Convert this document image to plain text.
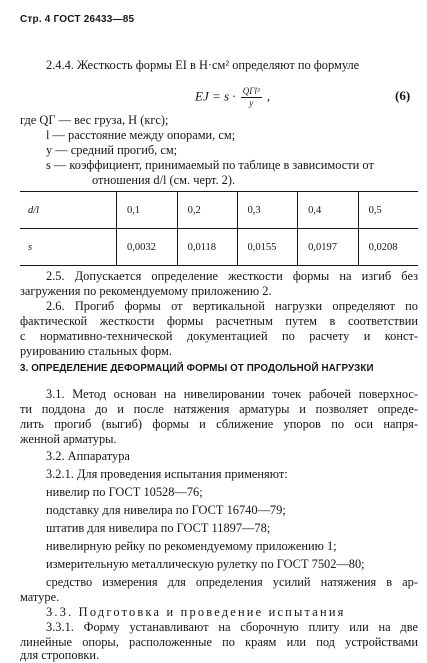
Стр. 4 ГОСТ 26433—85
2.4.4. Жесткость формы EI в Н·см² определяют по формуле
EJ = $s \cdot \frac{\text{QГl³}}{y}$ ,	(6)
где QГ — вес груза, Н (кгс);
l — расстояние между опорами, см;
y — средний прогиб, см;
s — коэффициент, принимаемый по таблице в зависимости от
отношения d/l (см. черт. 2).
d/l	0,1	0,2	0,3	0,4	0,5
s	0,0032	0,0118	0,0155	0,0197	0,0208
2.5. Допускается определение жесткости формы на изгиб без
загружения по рекомендуемому приложению 2.
2.6. Прогиб формы от вертикальной нагрузки определяют по
фактической жесткости формы расчетным путем в соответствии
с нормативно-технической документацией по расчету и конст-
руированию стальных форм.
3. ОПРЕДЕЛЕНИЕ ДЕФОРМАЦИЙ ФОРМЫ ОТ ПРОДОЛЬНОЙ НАГРУЗКИ
3.1. Метод основан на нивелировании точек рабочей поверхнос-
ти поддона до и после натяжения арматуры и позволяет опреде-
лить прогиб (выгиб) формы и сближение упоров по оси напря-
женной арматуры.
3.2. Аппаратура
3.2.1. Для проведения испытания применяют:
нивелир по ГОСТ 10528—76;
подставку для нивелира по ГОСТ 16740—79;
штатив для нивелира по ГОСТ 11897—78;
нивелирную рейку по рекомендуемому приложению 1;
измерительную металлическую рулетку по ГОСТ 7502—80;
средство измерения для определения усилий натяжения в ар-
матуре.
3.3. Подготовка и проведение испытания
3.3.1. Форму устанавливают на сборочную плиту или на две
линейные опоры, расположенные по краям или под устройствами
для строповки.
